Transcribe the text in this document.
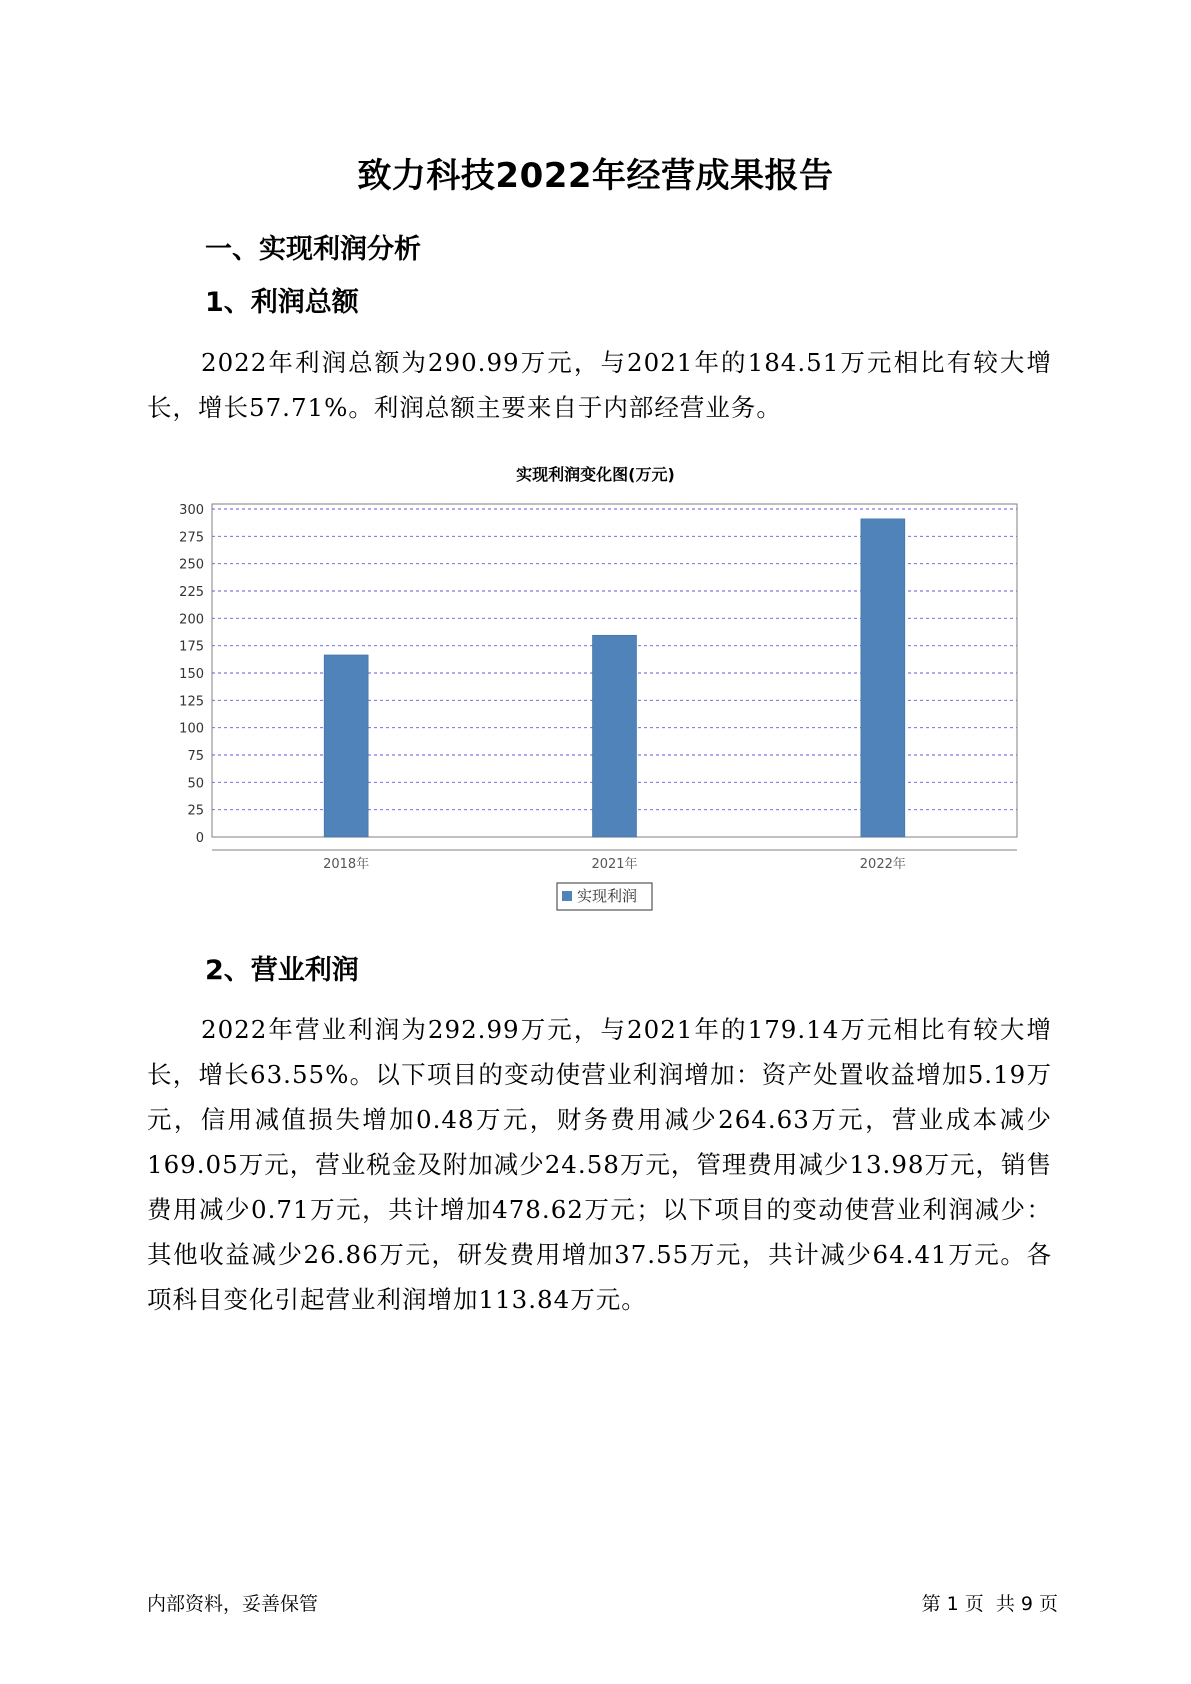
致力科技2022年经营成果报告
一、实现利润分析
1、利润总额
2022年利润总额为290.99万元，与2021年的184.51万元相比有较大增长，增长57.71%。利润总额主要来自于内部经营业务。
实现利润变化图(万元)
0
25
50
75
100
125
150
175
200
225
250
275
300
2018年	2021年	2022年
实现利润
2、营业利润
2022年营业利润为292.99万元，与2021年的179.14万元相比有较大增长，增长63.55%。以下项目的变动使营业利润增加：资产处置收益增加5.19万元，信用减值损失增加0.48万元，财务费用减少264.63万元，营业成本减少169.05万元，营业税金及附加减少24.58万元，管理费用减少13.98万元，销售费用减少0.71万元，共计增加478.62万元；以下项目的变动使营业利润减少：其他收益减少26.86万元，研发费用增加37.55万元，共计减少64.41万元。各项科目变化引起营业利润增加113.84万元。
内部资料，妥善保管	第 1 页  共 9 页
